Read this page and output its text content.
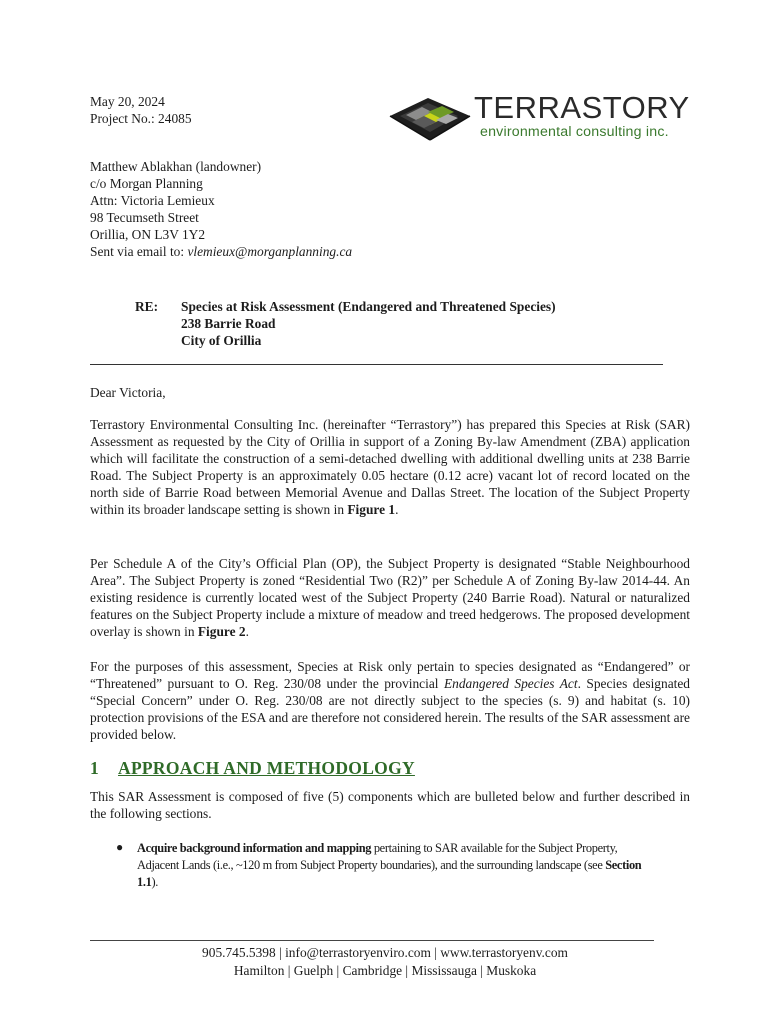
May 20, 2024
Project No.: 24085	TERRASTORY
environmental consulting inc.
Matthew Ablakhan (landowner)
c/o Morgan Planning
Attn: Victoria Lemieux
98 Tecumseth Street
Orillia, ON L3V 1Y2
Sent via email to: vlemieux@morganplanning.ca
RE: Species at Risk Assessment (Endangered and Threatened Species)
238 Barrie Road
City of Orillia
Dear Victoria,

Terrastory Environmental Consulting Inc. (hereinafter “Terrastory”) has prepared this Species at Risk (SAR) Assessment as requested by the City of Orillia in support of a Zoning By-law Amendment (ZBA) application which will facilitate the construction of a semi-detached dwelling with additional dwelling units at 238 Barrie Road. The Subject Property is an approximately 0.05 hectare (0.12 acre) vacant lot of record located on the north side of Barrie Road between Memorial Avenue and Dallas Street. The location of the Subject Property within its broader landscape setting is shown in Figure 1.

Per Schedule A of the City’s Official Plan (OP), the Subject Property is designated “Stable Neighbourhood Area”. The Subject Property is zoned “Residential Two (R2)” per Schedule A of Zoning By-law 2014-44. An existing residence is currently located west of the Subject Property (240 Barrie Road). Natural or naturalized features on the Subject Property include a mixture of meadow and treed hedgerows. The proposed development overlay is shown in Figure 2.

For the purposes of this assessment, Species at Risk only pertain to species designated as “Endangered” or “Threatened” pursuant to O. Reg. 230/08 under the provincial Endangered Species Act. Species designated “Special Concern” under O. Reg. 230/08 are not directly subject to the species (s. 9) and habitat (s. 10) protection provisions of the ESA and are therefore not considered herein. The results of the SAR assessment are provided below.

1 APPROACH AND METHODOLOGY

This SAR Assessment is composed of five (5) components which are bulleted below and further described in the following sections.

● Acquire background information and mapping pertaining to SAR available for the Subject Property, Adjacent Lands (i.e., ~120 m from Subject Property boundaries), and the surrounding landscape (see Section 1.1).
905.745.5398 | info@terrastoryenviro.com | www.terrastoryenv.com
Hamilton | Guelph | Cambridge | Mississauga | Muskoka
